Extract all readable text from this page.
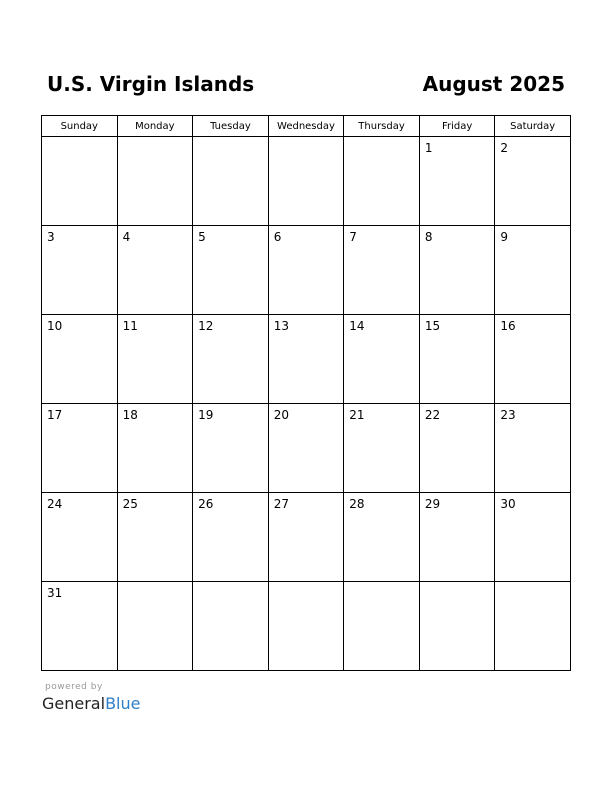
U.S. Virgin Islands	August 2025
Sunday	Monday	Tuesday	Wednesday	Thursday	Friday	Saturday

					1	2

3	4	5	6	7	8	9

10	11	12	13	14	15	16

17	18	19	20	21	22	23

24	25	26	27	28	29	30

31						

powered by
GeneralBlue
